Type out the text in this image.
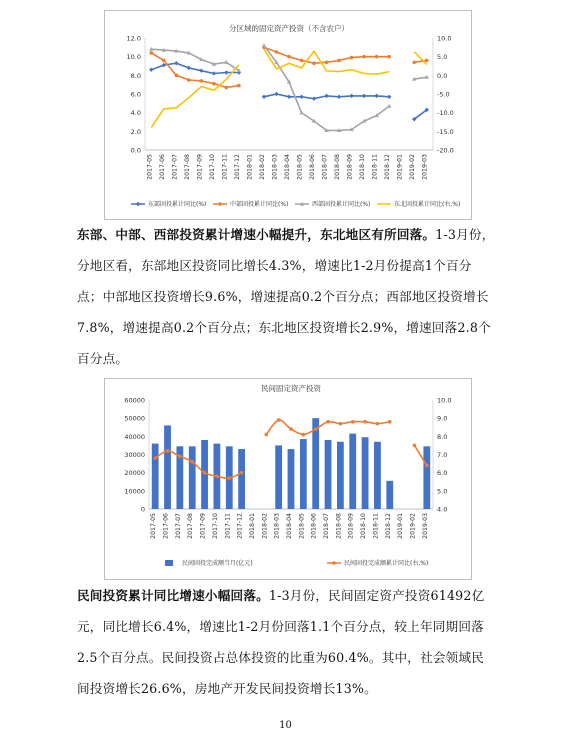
分区域的固定资产投资（不含农户）
0.0
2.0
4.0
6.0
8.0
10.0
12.0
-20.0
-15.0
-10.0
-5.0
0.0
5.0
10.0
2017-05 2017-06 2017-07 2017-08 2017-09 2017-10 2017-11 2017-12 2018-01 2018-02 2018-03 2018-04 2018-05 2018-06 2018-07 2018-08 2018-09 2018-10 2018-11 2018-12 2019-01 2019-02 2019-03
东部固投累计同比(%)	中部固投累计同比(%)	西部固投累计同比(%)	东北固投累计同比(右,%)

东部、中部、西部投资累计增速小幅提升，东北地区有所回落。1-3月份，分地区看，东部地区投资同比增长4.3%，增速比1-2月份提高1个百分点；中部地区投资增长9.6%，增速提高0.2个百分点；西部地区投资增长7.8%，增速提高0.2个百分点；东北地区投资增长2.9%，增速回落2.8个百分点。

民间固定资产投资
0
10000
20000
30000
40000
50000
60000
4.0
5.0
6.0
7.0
8.0
9.0
10.0
2017-05 2017-06 2017-07 2017-08 2017-09 2017-10 2017-11 2017-12 2018-01 2018-02 2018-03 2018-04 2018-05 2018-06 2018-07 2018-08 2018-09 2018-10 2018-11 2018-12 2019-01 2019-02 2019-03
民间固投完成额当月(亿元)	民间固投完成额累计同比(右,%)

民间投资累计同比增速小幅回落。1-3月份，民间固定资产投资61492亿元，同比增长6.4%，增速比1-2月份回落1.1个百分点，较上年同期回落2.5个百分点。民间投资占总体投资的比重为60.4%。其中，社会领域民间投资增长26.6%，房地产开发民间投资增长13%。

10
